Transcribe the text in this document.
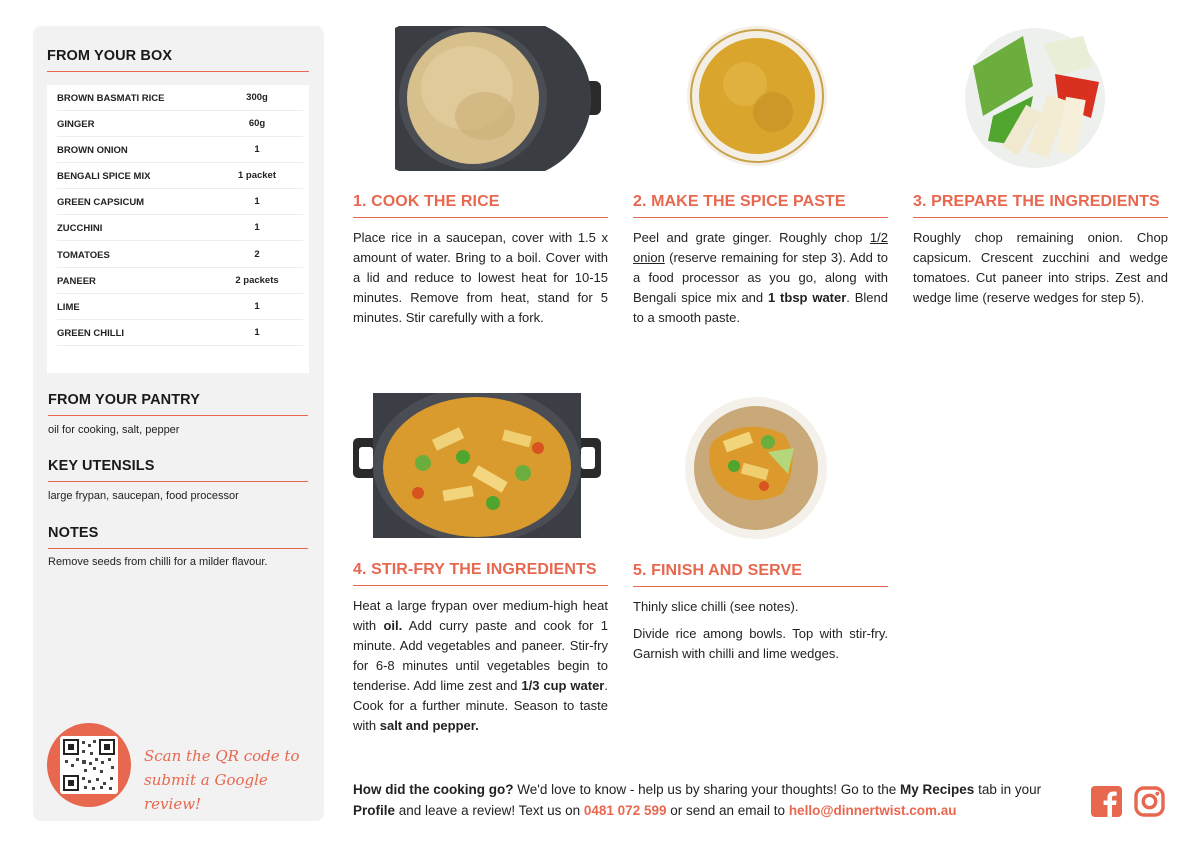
FROM YOUR BOX
BROWN BASMATI RICE	300g
GINGER	60g
BROWN ONION	1
BENGALI SPICE MIX	1 packet
GREEN CAPSICUM	1
ZUCCHINI	1
TOMATOES	2
PANEER	2 packets
LIME	1
GREEN CHILLI	1
FROM YOUR PANTRY
oil for cooking, salt, pepper
KEY UTENSILS
large frypan, saucepan, food processor
NOTES
Remove seeds from chilli for a milder flavour.
Scan the QR code to
submit a Google review!
1. COOK THE RICE
Place rice in a saucepan, cover with 1.5 x amount of water. Bring to a boil. Cover with a lid and reduce to lowest heat for 10-15 minutes. Remove from heat, stand for 5 minutes. Stir carefully with a fork.
2. MAKE THE SPICE PASTE
Peel and grate ginger. Roughly chop 1/2 onion (reserve remaining for step 3). Add to a food processor as you go, along with Bengali spice mix and 1 tbsp water. Blend to a smooth paste.
3. PREPARE THE INGREDIENTS
Roughly chop remaining onion. Chop capsicum. Crescent zucchini and wedge tomatoes. Cut paneer into strips. Zest and wedge lime (reserve wedges for step 5).
4. STIR-FRY THE INGREDIENTS
Heat a large frypan over medium-high heat with oil. Add curry paste and cook for 1 minute. Add vegetables and paneer. Stir-fry for 6-8 minutes until vegetables begin to tenderise. Add lime zest and 1/3 cup water. Cook for a further minute. Season to taste with salt and pepper.
5. FINISH AND SERVE
Thinly slice chilli (see notes).
Divide rice among bowls. Top with stir-fry. Garnish with chilli and lime wedges.
How did the cooking go? We'd love to know - help us by sharing your thoughts! Go to the My Recipes tab in your Profile and leave a review! Text us on 0481 072 599 or send an email to hello@dinnertwist.com.au
